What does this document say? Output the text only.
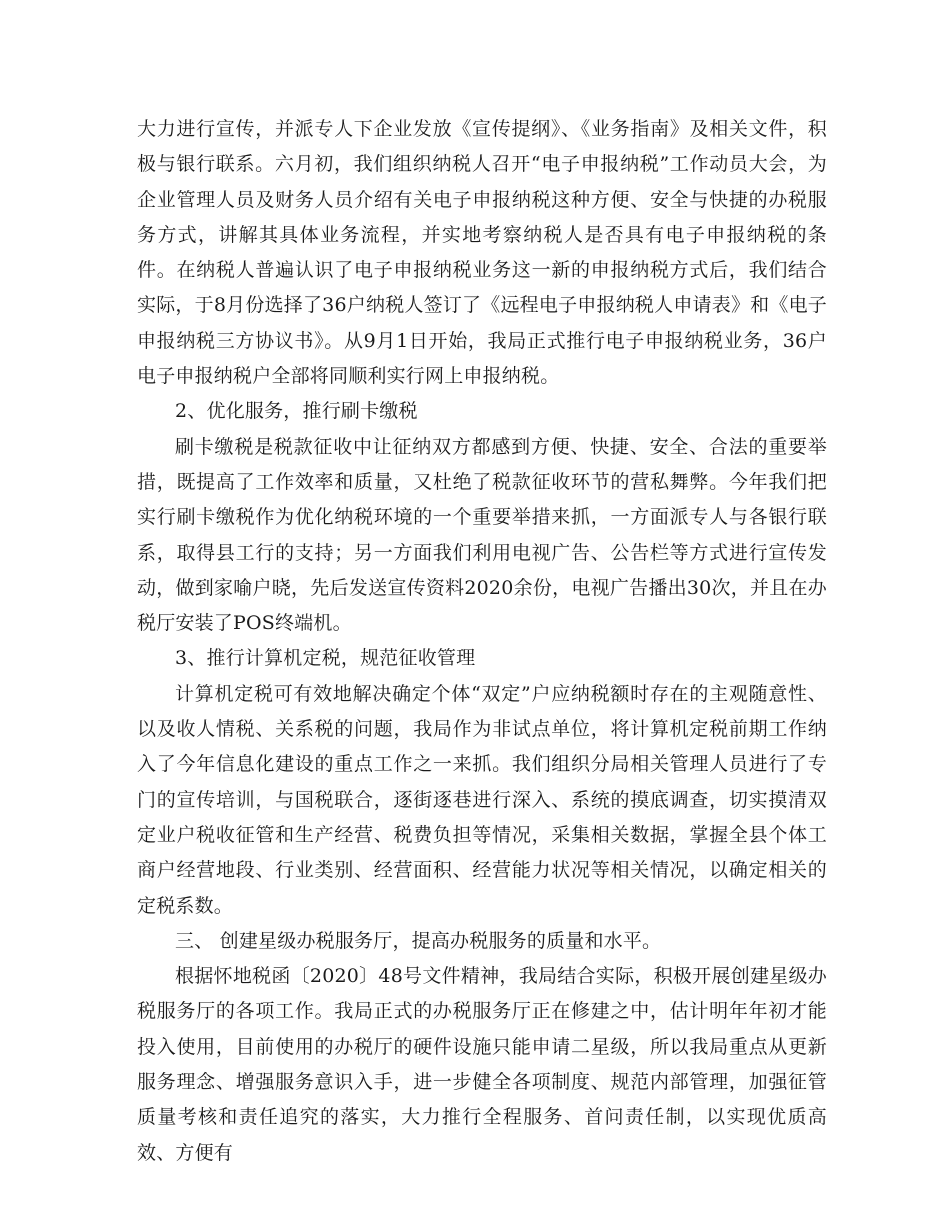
大力进行宣传，并派专人下企业发放《宣传提纲》、《业务指南》及相关文件，积极与银行联系。六月初，我们组织纳税人召开“电子申报纳税”工作动员大会，为企业管理人员及财务人员介绍有关电子申报纳税这种方便、安全与快捷的办税服务方式，讲解其具体业务流程，并实地考察纳税人是否具有电子申报纳税的条件。在纳税人普遍认识了电子申报纳税业务这一新的申报纳税方式后，我们结合实际，于8月份选择了36户纳税人签订了《远程电子申报纳税人申请表》和《电子申报纳税三方协议书》。从9月1日开始，我局正式推行电子申报纳税业务，36户电子申报纳税户全部将同顺利实行网上申报纳税。

2、优化服务，推行刷卡缴税

刷卡缴税是税款征收中让征纳双方都感到方便、快捷、安全、合法的重要举措，既提高了工作效率和质量，又杜绝了税款征收环节的营私舞弊。今年我们把实行刷卡缴税作为优化纳税环境的一个重要举措来抓，一方面派专人与各银行联系，取得县工行的支持；另一方面我们利用电视广告、公告栏等方式进行宣传发动，做到家喻户晓，先后发送宣传资料2020余份，电视广告播出30次，并且在办税厅安装了POS终端机。

3、推行计算机定税，规范征收管理

计算机定税可有效地解决确定个体“双定”户应纳税额时存在的主观随意性、以及收人情税、关系税的问题，我局作为非试点单位，将计算机定税前期工作纳入了今年信息化建设的重点工作之一来抓。我们组织分局相关管理人员进行了专门的宣传培训，与国税联合，逐街逐巷进行深入、系统的摸底调查，切实摸清双定业户税收征管和生产经营、税费负担等情况，采集相关数据，掌握全县个体工商户经营地段、行业类别、经营面积、经营能力状况等相关情况，以确定相关的定税系数。

三、 创建星级办税服务厅，提高办税服务的质量和水平。

根据怀地税函〔2020〕48号文件精神，我局结合实际，积极开展创建星级办税服务厅的各项工作。我局正式的办税服务厅正在修建之中，估计明年年初才能投入使用，目前使用的办税厅的硬件设施只能申请二星级，所以我局重点从更新服务理念、增强服务意识入手，进一步健全各项制度、规范内部管理，加强征管质量考核和责任追究的落实，大力推行全程服务、首问责任制，以实现优质高效、方便有
